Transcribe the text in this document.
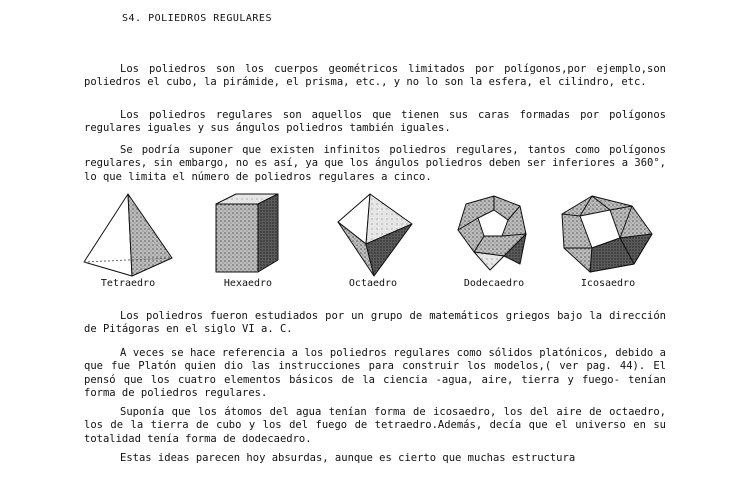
S4. POLIEDROS REGULARES

Los poliedros son los cuerpos geométricos limitados por polígonos,por ejemplo,son poliedros el cubo, la pirámide, el prisma, etc., y no lo son la esfera, el cilindro, etc.

Los poliedros regulares son aquellos que tienen sus caras formadas por polígonos regulares iguales y sus ángulos poliedros también iguales.

Se podría suponer que existen infinitos poliedros regulares, tantos como polígonos regulares, sin embargo, no es así, ya que los ángulos poliedros deben ser inferiores a 360°, lo que limita el número de poliedros regulares a cinco.

Tetraedro	Hexaedro	Octaedro	Dodecaedro	Icosaedro

Los poliedros fueron estudiados por un grupo de matemáticos griegos bajo la dirección de Pitágoras en el siglo VI a. C.

A veces se hace referencia a los poliedros regulares como sólidos platónicos, debido a que fue Platón quien dio las instrucciones para construir los modelos,( ver pag. 44). El pensó que los cuatro elementos básicos de la ciencia -agua, aire, tierra y fuego- tenían forma de poliedros regulares.

Suponía que los átomos del agua tenían forma de icosaedro, los del aire de octaedro, los de la tierra de cubo y los del fuego de tetraedro.Además, decía que el universo en su totalidad tenía forma de dodecaedro.

Estas ideas parecen hoy absurdas, aunque es cierto que muchas estructura
